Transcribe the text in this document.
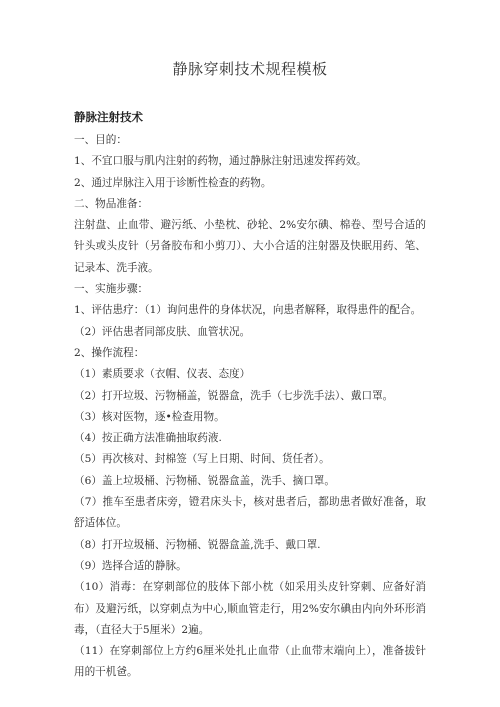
静脉穿刺技术规程模板
静脉注射技术

一、目的：

1、不宜口服与肌内注射的药物，通过静脉注射迅速发挥药效。

2、通过岸脉注入用于诊断性检查的药物。

二、物品准备：

注射盘、止血带、避污纸、小垫枕、砂轮、2%安尔碘、棉卷、型号合适的针头或头皮针（另备胶布和小剪刀）、大小合适的注射器及快眠用药、笔、记录本、洗手液。

一、实施步骤：

1、评估患疗：（1）询问患件的身体状况，向患者解释，取得患件的配合。

（2）评估患者同部皮肤、血管状况。

2、操作流程：

（1）素质要求（衣帽、仪表、态度）

（2）打开垃圾、污物桶盖，锐器盒，洗手（七步洗手法）、戴口罩。

（3）核对医物，逐•检查用物。

（4）按正确方法准确抽取药液.

（5）再次核对、封棉签（写上日期、时间、货任者）。

（6）盖上垃圾桶、污物桶、锐器盒盖，洗手、摘口罩。

（7）推车至患者床旁，镫君床头卡，核对患者后，都助患者做好准备，取舒适体位。

（8）打开垃圾桶、污物桶、锐器盒盖,洗手、戴口罩.

（9）选择合适的静脉。

（10）消毒：在穿刺部位的肢体下部小枕（如采用头皮针穿刺、应备好消布）及避污纸，以穿刺点为中心,顺血管走行，用2%安尔碘由内向外环形消毒，（直径大于5厘米）2遍。

（11）在穿刺部位上方约6厘米处扎止血带（止血带末端向上），准备拔针用的干机爸。
